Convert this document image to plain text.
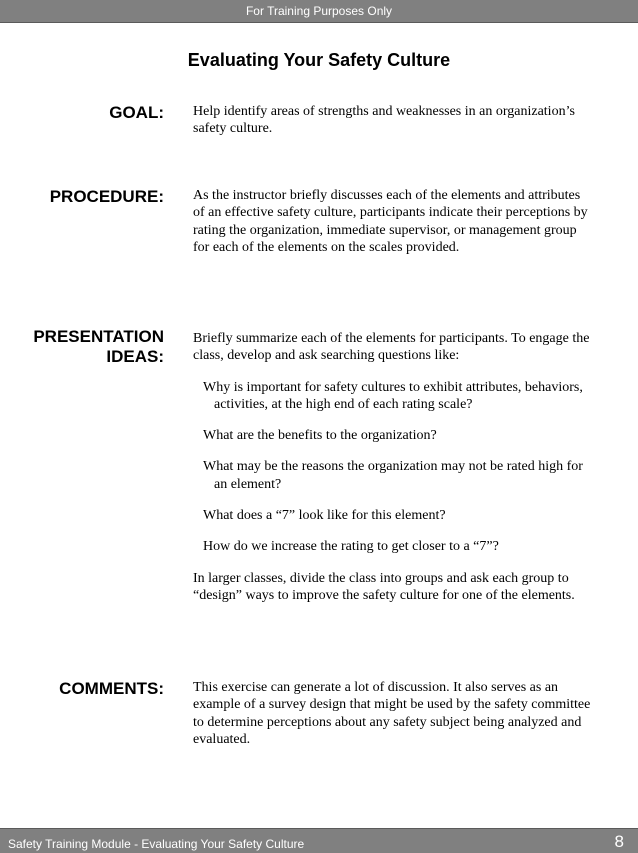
For Training Purposes Only
Evaluating Your Safety Culture
GOAL: Help identify areas of strengths and weaknesses in an organization’s safety culture.

PROCEDURE: As the instructor briefly discusses each of the elements and attributes of an effective safety culture, participants indicate their perceptions by rating the organization, immediate supervisor, or management group for each of the elements on the scales provided.

PRESENTATION
IDEAS:

Briefly summarize each of the elements for participants. To engage the class, develop and ask searching questions like:

Why is important for safety cultures to exhibit attributes, behaviors, activities, at the high end of each rating scale?
What are the benefits to the organization?
What may be the reasons the organization may not be rated high for an element?
What does a “7” look like for this element?
How do we increase the rating to get closer to a “7”?

In larger classes, divide the class into groups and ask each group to “design” ways to improve the safety culture for one of the elements.

COMMENTS: This exercise can generate a lot of discussion. It also serves as an example of a survey design that might be used by the safety committee to determine perceptions about any safety subject being analyzed and evaluated.

Safety Training Module - Evaluating Your Safety Culture	8
